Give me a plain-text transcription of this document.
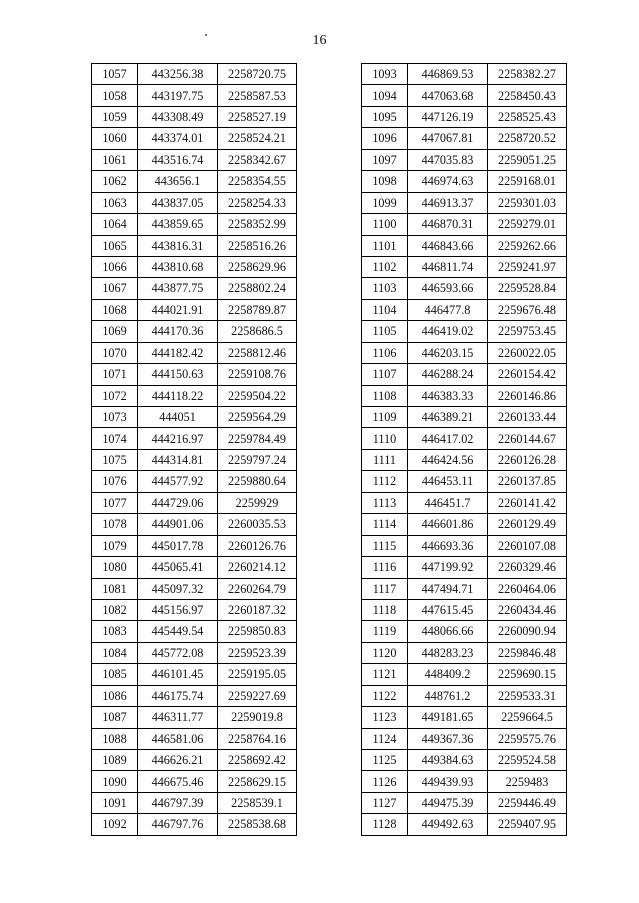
16
1057	443256.38	2258720.75
1058	443197.75	2258587.53
1059	443308.49	2258527.19
1060	443374.01	2258524.21
1061	443516.74	2258342.67
1062	443656.1	2258354.55
1063	443837.05	2258254.33
1064	443859.65	2258352.99
1065	443816.31	2258516.26
1066	443810.68	2258629.96
1067	443877.75	2258802.24
1068	444021.91	2258789.87
1069	444170.36	2258686.5
1070	444182.42	2258812.46
1071	444150.63	2259108.76
1072	444118.22	2259504.22
1073	444051	2259564.29
1074	444216.97	2259784.49
1075	444314.81	2259797.24
1076	444577.92	2259880.64
1077	444729.06	2259929
1078	444901.06	2260035.53
1079	445017.78	2260126.76
1080	445065.41	2260214.12
1081	445097.32	2260264.79
1082	445156.97	2260187.32
1083	445449.54	2259850.83
1084	445772.08	2259523.39
1085	446101.45	2259195.05
1086	446175.74	2259227.69
1087	446311.77	2259019.8
1088	446581.06	2258764.16
1089	446626.21	2258692.42
1090	446675.46	2258629.15
1091	446797.39	2258539.1
1092	446797.76	2258538.68
1093	446869.53	2258382.27
1094	447063.68	2258450.43
1095	447126.19	2258525.43
1096	447067.81	2258720.52
1097	447035.83	2259051.25
1098	446974.63	2259168.01
1099	446913.37	2259301.03
1100	446870.31	2259279.01
1101	446843.66	2259262.66
1102	446811.74	2259241.97
1103	446593.66	2259528.84
1104	446477.8	2259676.48
1105	446419.02	2259753.45
1106	446203.15	2260022.05
1107	446288.24	2260154.42
1108	446383.33	2260146.86
1109	446389.21	2260133.44
1110	446417.02	2260144.67
1111	446424.56	2260126.28
1112	446453.11	2260137.85
1113	446451.7	2260141.42
1114	446601.86	2260129.49
1115	446693.36	2260107.08
1116	447199.92	2260329.46
1117	447494.71	2260464.06
1118	447615.45	2260434.46
1119	448066.66	2260090.94
1120	448283.23	2259846.48
1121	448409.2	2259690.15
1122	448761.2	2259533.31
1123	449181.65	2259664.5
1124	449367.36	2259575.76
1125	449384.63	2259524.58
1126	449439.93	2259483
1127	449475.39	2259446.49
1128	449492.63	2259407.95
